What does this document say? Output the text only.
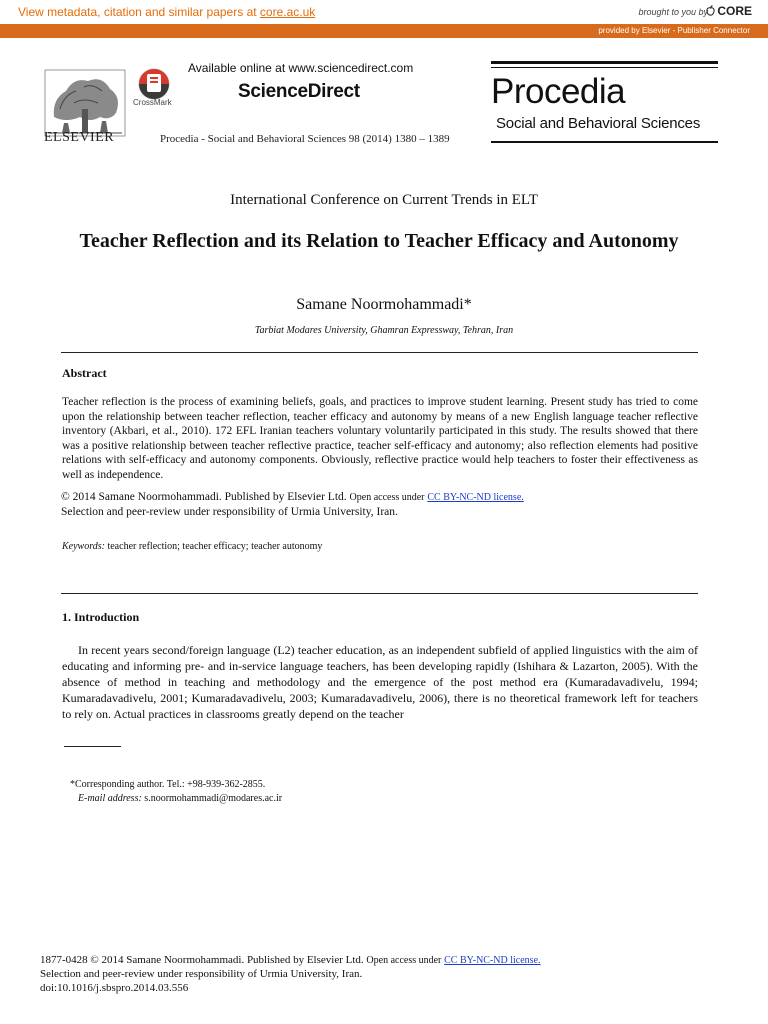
View metadata, citation and similar papers at core.ac.uk	brought to you by CORE
provided by Elsevier - Publisher Connector
ELSEVIER
CrossMark
Available online at www.sciencedirect.com
ScienceDirect
Procedia - Social and Behavioral Sciences 98 (2014) 1380 – 1389
Procedia
Social and Behavioral Sciences
International Conference on Current Trends in ELT
Teacher Reflection and its Relation to Teacher Efficacy and Autonomy
Samane Noormohammadi*
Tarbiat Modares University, Ghamran Expressway, Tehran, Iran
Abstract
Teacher reflection is the process of examining beliefs, goals, and practices to improve student learning. Present study has tried to come upon the relationship between teacher reflection, teacher efficacy and autonomy by means of a new English language teacher reflective inventory (Akbari, et al., 2010). 172 EFL Iranian teachers voluntary voluntarily participated in this study. The results showed that there was a positive relationship between teacher reflective practice, teacher self-efficacy and autonomy; also reflection elements had positive relations with self-efficacy and autonomy components. Obviously, reflective practice would help teachers to foster their effectiveness as well as independence.
© 2014 Samane Noormohammadi. Published by Elsevier Ltd. Open access under CC BY-NC-ND license.
Selection and peer-review under responsibility of Urmia University, Iran.
Keywords: teacher reflection; teacher efficacy; teacher autonomy
1. Introduction
In recent years second/foreign language (L2) teacher education, as an independent subfield of applied linguistics with the aim of educating and informing pre- and in-service language teachers, has been developing rapidly (Ishihara & Lazarton, 2005). With the absence of method in teaching and methodology and the emergence of the post method era (Kumaradavadivelu, 1994; Kumaradavadivelu, 2001; Kumaradavadivelu, 2003; Kumaradavadivelu, 2006), there is no theoretical framework left for teachers to rely on. Actual practices in classrooms greatly depend on the teacher
*Corresponding author. Tel.: +98-939-362-2855.
E-mail address: s.noormohammadi@modares.ac.ir
1877-0428 © 2014 Samane Noormohammadi. Published by Elsevier Ltd. Open access under CC BY-NC-ND license.
Selection and peer-review under responsibility of Urmia University, Iran.
doi:10.1016/j.sbspro.2014.03.556
